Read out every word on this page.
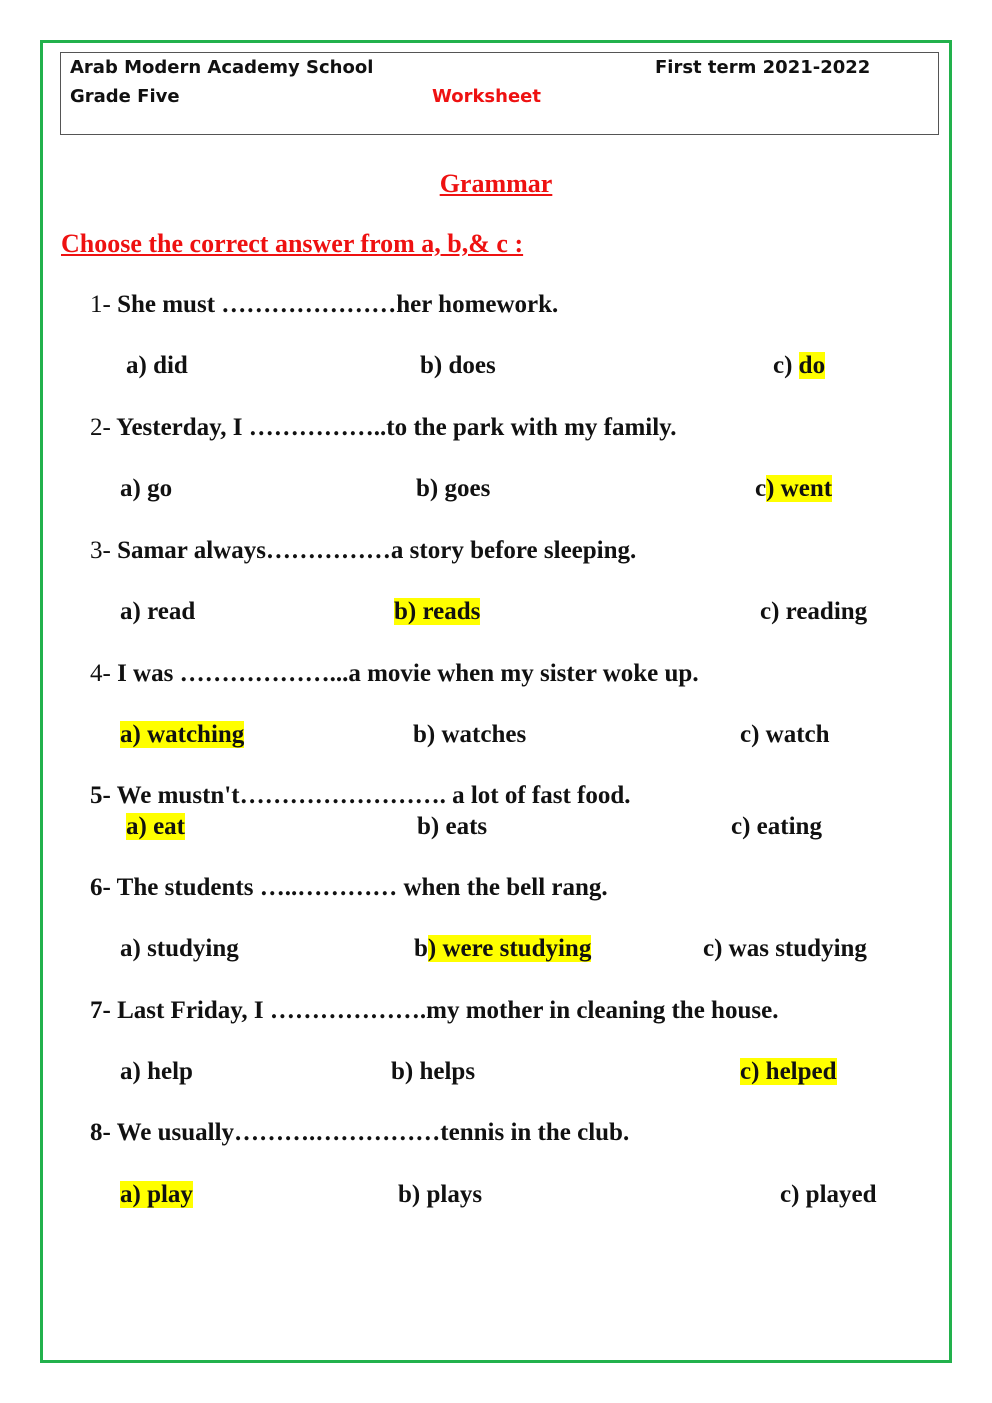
Arab Modern Academy School	First term 2021-2022
Grade Five	Worksheet
Grammar
Choose the correct answer from a, b,& c :
1- She must …………………her homework.
a) did	b) does	c) do
2- Yesterday, I ……………..to the park with my family.
a) go	b) goes	c) went
3- Samar always……………a story before sleeping.
a) read	b) reads	c) reading
4- I was ………………...a movie when my sister woke up.
a) watching	b) watches	c) watch
5- We mustn't……………………. a lot of fast food.
a) eat	b) eats	c) eating
6- The students …..………… when the bell rang.
a) studying	b) were studying	c) was studying
7- Last Friday, I ……………….my mother in cleaning the house.
a) help	b) helps	c) helped
8- We usually……….……………tennis in the club.
a) play	b) plays	c) played
